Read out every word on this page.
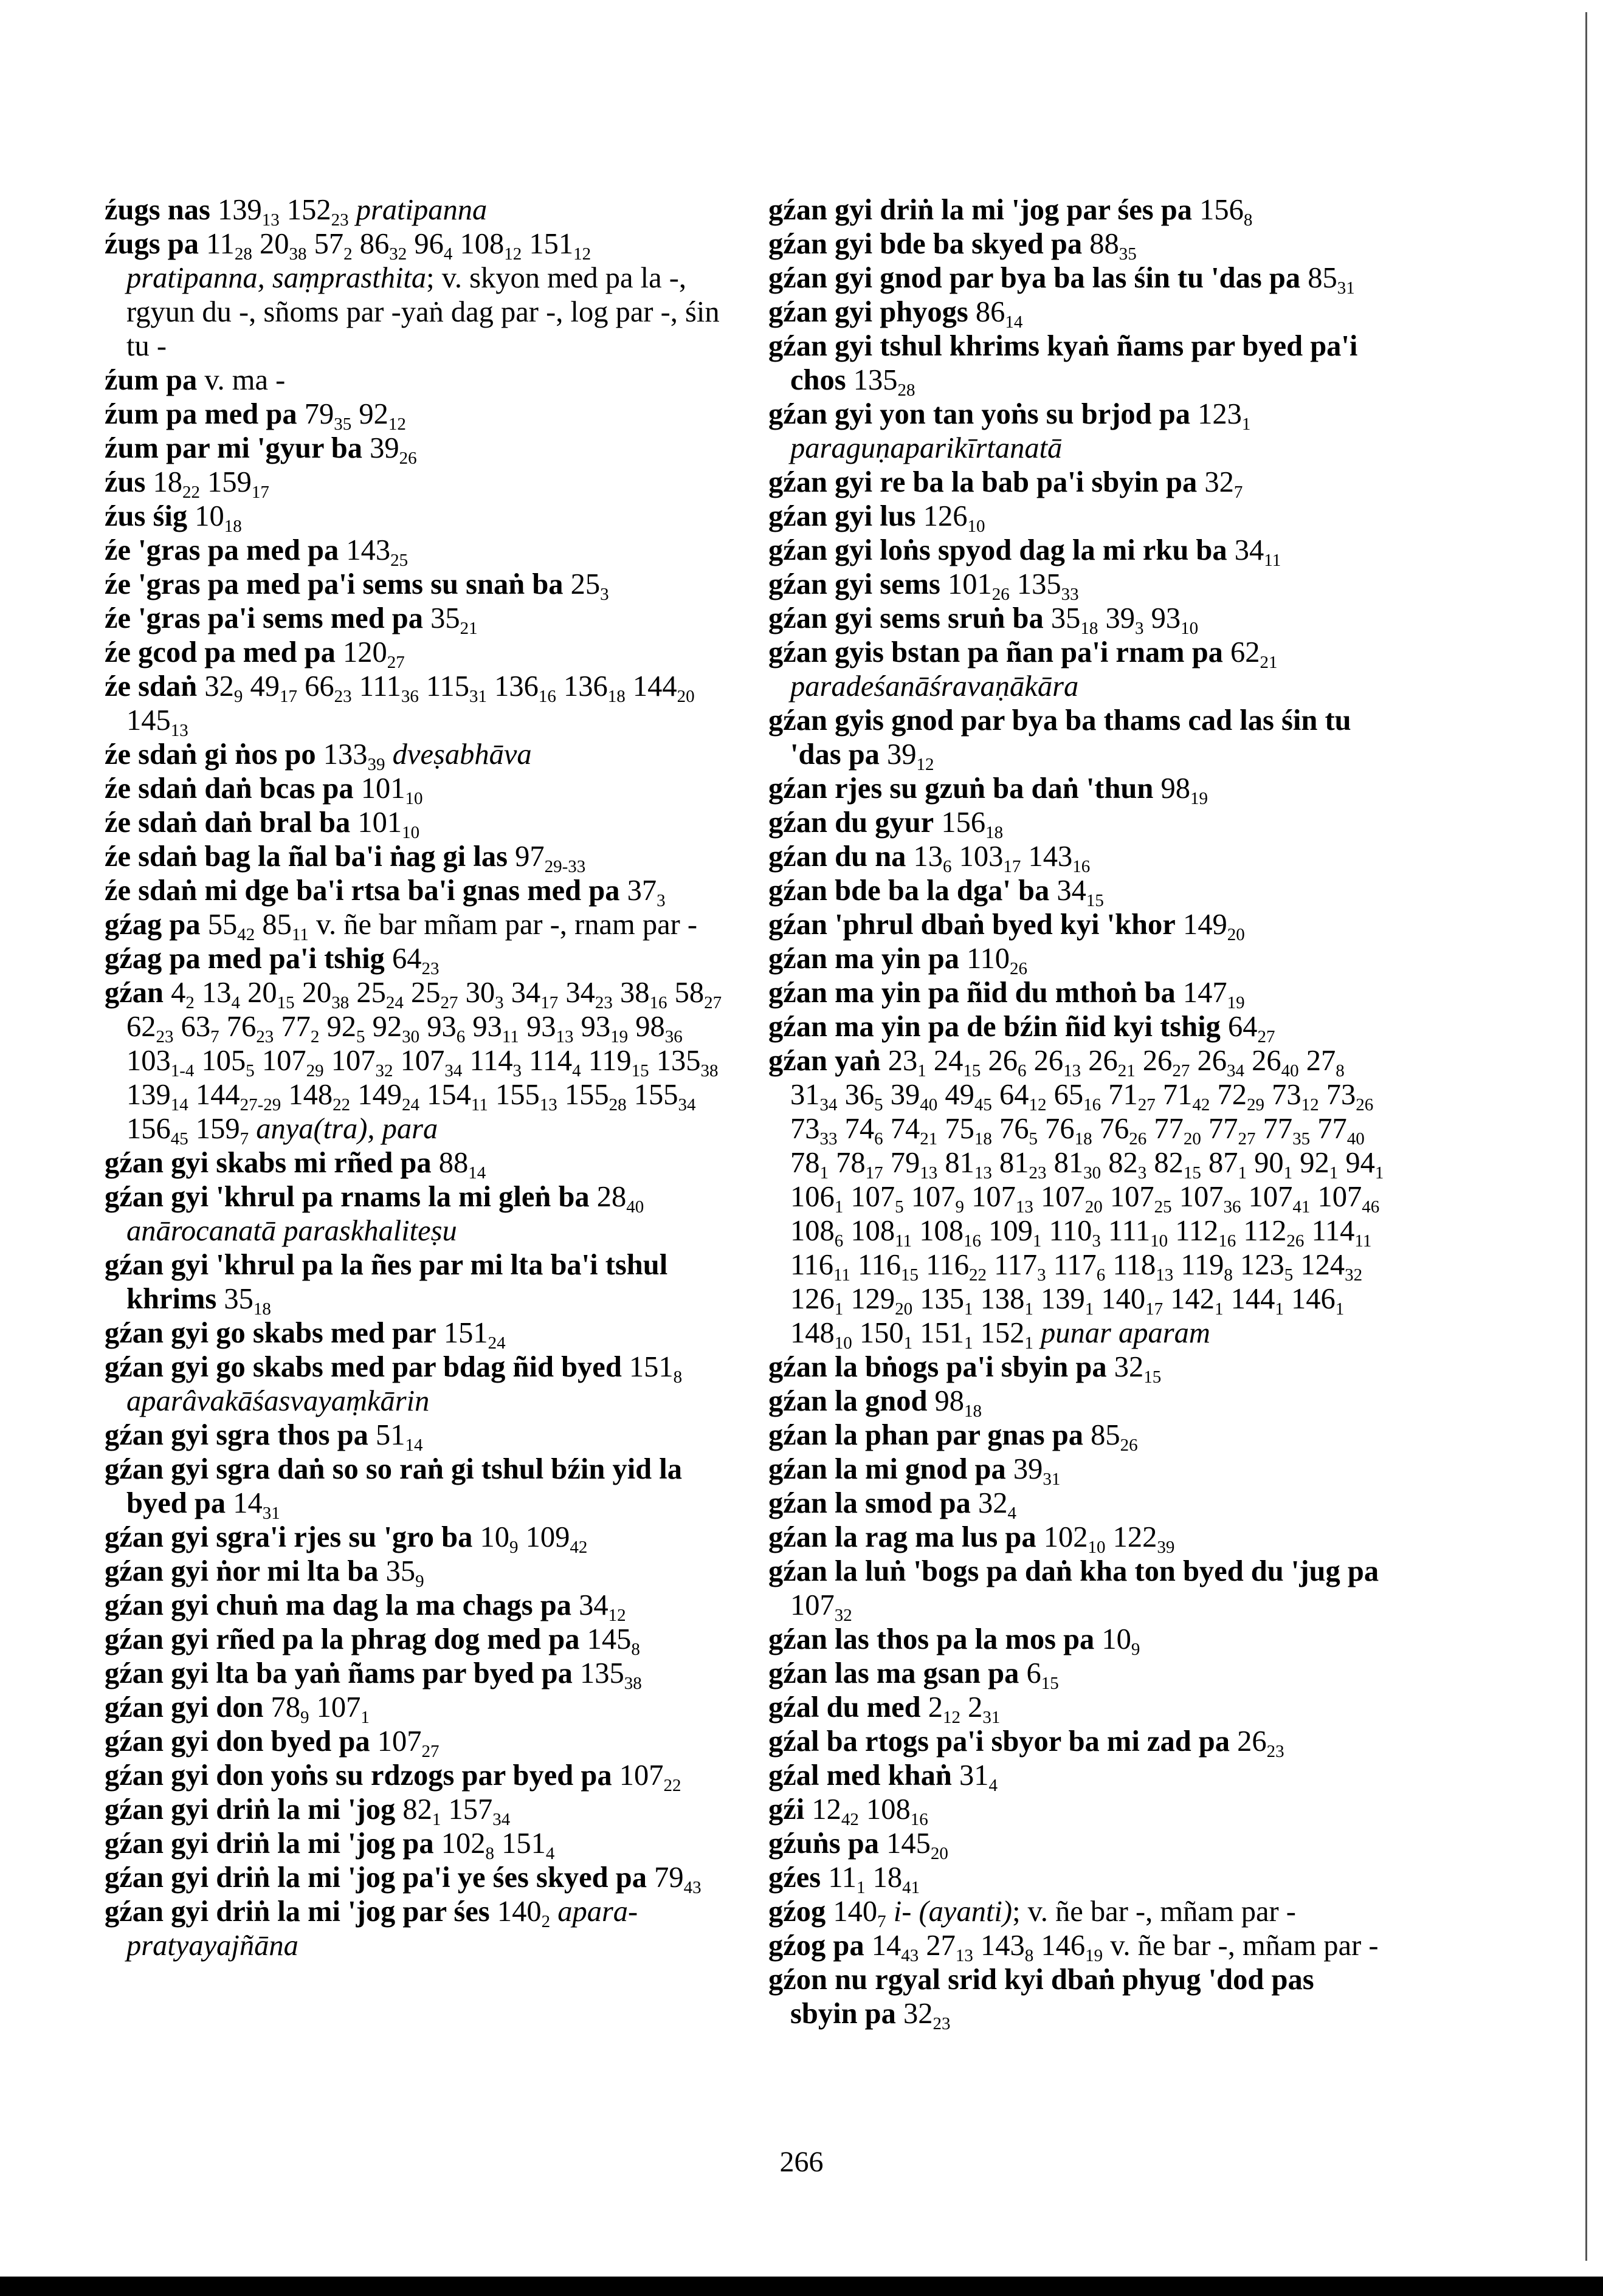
źugs nas $139_{13}$ $152_{23}$ pratipanna
źugs pa $11_{28}$ $20_{38}$ $57_2$ $86_{32}$ $96_4$ $108_{12}$ $151_{12}$ pratipanna, saṃprasthita; v. skyon med pa la -, rgyun du -, sñoms par -yaṅ dag par -, log par -, śin tu -
źum pa v. ma -
źum pa med pa $79_{35}$ $92_{12}$
źum par mi 'gyur ba $39_{26}$
źus $18_{22}$ $159_{17}$
źus śig $10_{18}$
źe 'gras pa med pa $143_{25}$
źe 'gras pa med pa'i sems su snaṅ ba $25_3$
źe 'gras pa'i sems med pa $35_{21}$
źe gcod pa med pa $120_{27}$
źe sdaṅ $32_9$ $49_{17}$ $66_{23}$ $111_{36}$ $115_{31}$ $136_{16}$ $136_{18}$ $144_{20}$ $145_{13}$
źe sdaṅ gi ṅos po $133_{39}$ dveṣabhāva
źe sdaṅ daṅ bcas pa $101_{10}$
źe sdaṅ daṅ bral ba $101_{10}$
źe sdaṅ bag la ñal ba'i ṅag gi las $97_{29-33}$
źe sdaṅ mi dge ba'i rtsa ba'i gnas med pa $37_3$
gźag pa $55_{42}$ $85_{11}$ v. ñe bar mñam par -, rnam par -
gźag pa med pa'i tshig $64_{23}$
gźan $4_2$ $13_4$ $20_{15}$ $20_{38}$ $25_{24}$ $25_{27}$ $30_3$ $34_{17}$ $34_{23}$ $38_{16}$ $58_{27}$ $62_{23}$ $63_7$ $76_{23}$ $77_2$ $92_5$ $92_{30}$ $93_6$ $93_{11}$ $93_{13}$ $93_{19}$ $98_{36}$ $103_{1-4}$ $105_5$ $107_{29}$ $107_{32}$ $107_{34}$ $114_3$ $114_4$ $119_{15}$ $135_{38}$ $139_{14}$ $144_{27-29}$ $148_{22}$ $149_{24}$ $154_{11}$ $155_{13}$ $155_{28}$ $155_{34}$ $156_{45}$ $159_7$ anya(tra), para
gźan gyi skabs mi rñed pa $88_{14}$
gźan gyi 'khrul pa rnams la mi gleṅ ba $28_{40}$ anārocanatā paraskhaliteṣu
gźan gyi 'khrul pa la ñes par mi lta ba'i tshul khrims $35_{18}$
gźan gyi go skabs med par $151_{24}$
gźan gyi go skabs med par bdag ñid byed $151_8$ aparâvakāśasvayaṃkārin
gźan gyi sgra thos pa $51_{14}$
gźan gyi sgra daṅ so so raṅ gi tshul bźin yid la byed pa $14_{31}$
gźan gyi sgra'i rjes su 'gro ba $10_9$ $109_{42}$
gźan gyi ṅor mi lta ba $35_9$
gźan gyi chuṅ ma dag la ma chags pa $34_{12}$
gźan gyi rñed pa la phrag dog med pa $145_8$
gźan gyi lta ba yaṅ ñams par byed pa $135_{38}$
gźan gyi don $78_9$ $107_1$
gźan gyi don byed pa $107_{27}$
gźan gyi don yoṅs su rdzogs par byed pa $107_{22}$
gźan gyi driṅ la mi 'jog $82_1$ $157_{34}$
gźan gyi driṅ la mi 'jog pa $102_8$ $151_4$
gźan gyi driṅ la mi 'jog pa'i ye śes skyed pa $79_{43}$
gźan gyi driṅ la mi 'jog par śes $140_2$ apara-pratyayajñāna
gźan gyi driṅ la mi 'jog par śes pa $156_8$
gźan gyi bde ba skyed pa $88_{35}$
gźan gyi gnod par bya ba las śin tu 'das pa $85_{31}$
gźan gyi phyogs $86_{14}$
gźan gyi tshul khrims kyaṅ ñams par byed pa'i chos $135_{28}$
gźan gyi yon tan yoṅs su brjod pa $123_1$ paraguṇaparikīrtanatā
gźan gyi re ba la bab pa'i sbyin pa $32_7$
gźan gyi lus $126_{10}$
gźan gyi loṅs spyod dag la mi rku ba $34_{11}$
gźan gyi sems $101_{26}$ $135_{33}$
gźan gyi sems sruṅ ba $35_{18}$ $39_3$ $93_{10}$
gźan gyis bstan pa ñan pa'i rnam pa $62_{21}$ paradeśanāśravaṇākāra
gźan gyis gnod par bya ba thams cad las śin tu 'das pa $39_{12}$
gźan rjes su gzuṅ ba daṅ 'thun $98_{19}$
gźan du gyur $156_{18}$
gźan du na $13_6$ $103_{17}$ $143_{16}$
gźan bde ba la dga' ba $34_{15}$
gźan 'phrul dbaṅ byed kyi 'khor $149_{20}$
gźan ma yin pa $110_{26}$
gźan ma yin pa ñid du mthoṅ ba $147_{19}$
gźan ma yin pa de bźin ñid kyi tshig $64_{27}$
gźan yaṅ $23_1$ $24_{15}$ $26_6$ $26_{13}$ $26_{21}$ $26_{27}$ $26_{34}$ $26_{40}$ $27_8$ $31_{34}$ $36_5$ $39_{40}$ $49_{45}$ $64_{12}$ $65_{16}$ $71_{27}$ $71_{42}$ $72_{29}$ $73_{12}$ $73_{26}$ $73_{33}$ $74_6$ $74_{21}$ $75_{18}$ $76_5$ $76_{18}$ $76_{26}$ $77_{20}$ $77_{27}$ $77_{35}$ $77_{40}$ $78_1$ $78_{17}$ $79_{13}$ $81_{13}$ $81_{23}$ $81_{30}$ $82_3$ $82_{15}$ $87_1$ $90_1$ $92_1$ $94_1$ $106_1$ $107_5$ $107_9$ $107_{13}$ $107_{20}$ $107_{25}$ $107_{36}$ $107_{41}$ $107_{46}$ $108_6$ $108_{11}$ $108_{16}$ $109_1$ $110_3$ $111_{10}$ $112_{16}$ $112_{26}$ $114_{11}$ $116_{11}$ $116_{15}$ $116_{22}$ $117_3$ $117_6$ $118_{13}$ $119_8$ $123_5$ $124_{32}$ $126_1$ $129_{20}$ $135_1$ $138_1$ $139_1$ $140_{17}$ $142_1$ $144_1$ $146_1$ $148_{10}$ $150_1$ $151_1$ $152_1$ punar aparam
gźan la bṅogs pa'i sbyin pa $32_{15}$
gźan la gnod $98_{18}$
gźan la phan par gnas pa $85_{26}$
gźan la mi gnod pa $39_{31}$
gźan la smod pa $32_4$
gźan la rag ma lus pa $102_{10}$ $122_{39}$
gźan la luṅ 'bogs pa daṅ kha ton byed du 'jug pa $107_{32}$
gźan las thos pa la mos pa $10_9$
gźan las ma gsan pa $6_{15}$
gźal du med $2_{12}$ $2_{31}$
gźal ba rtogs pa'i sbyor ba mi zad pa $26_{23}$
gźal med khaṅ $31_4$
gźi $12_{42}$ $108_{16}$
gźuṅs pa $145_{20}$
gźes $11_1$ $18_{41}$
gźog $140_7$ i- (ayanti); v. ñe bar -, mñam par -
gźog pa $14_{43}$ $27_{13}$ $143_8$ $146_{19}$ v. ñe bar -, mñam par -
gźon nu rgyal srid kyi dbaṅ phyug 'dod pas sbyin pa $32_{23}$
266
